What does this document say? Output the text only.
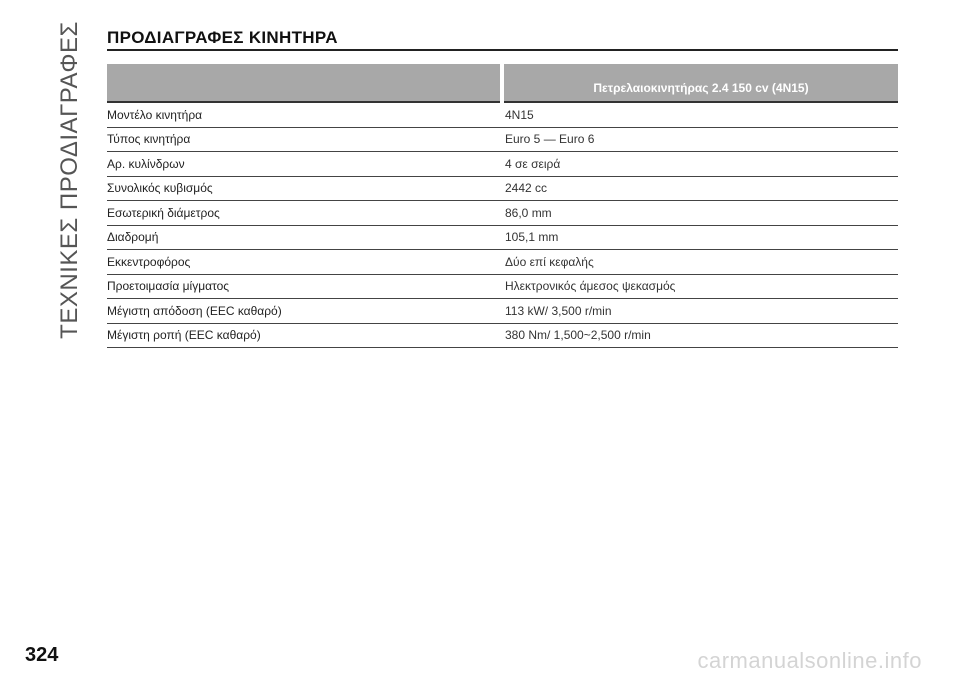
ΤΕΧΝΙΚΕΣ ΠΡΟΔΙΑΓΡΑΦΕΣ ΠΡΟΔΙΑΓΡΑΦΕΣ ΚΙΝΗΤΗΡΑ
	Πετρελαιοκινητήρας 2.4 150 cv (4N15)
Μοντέλο κινητήρα	4N15
Τύπος κινητήρα	Euro 5 — Euro 6
Αρ. κυλίνδρων	4 σε σειρά
Συνολικός κυβισμός	2442 cc
Εσωτερική διάμετρος	86,0 mm
Διαδρομή	105,1 mm
Εκκεντροφόρος	Δύο επί κεφαλής
Προετοιμασία μίγματος	Ηλεκτρονικός άμεσος ψεκασμός
Μέγιστη απόδοση (EEC καθαρό)	113 kW/ 3,500 r/min
Μέγιστη ροπή (EEC καθαρό)	380 Nm/ 1,500~2,500 r/min
324	carmanualsonline.info
